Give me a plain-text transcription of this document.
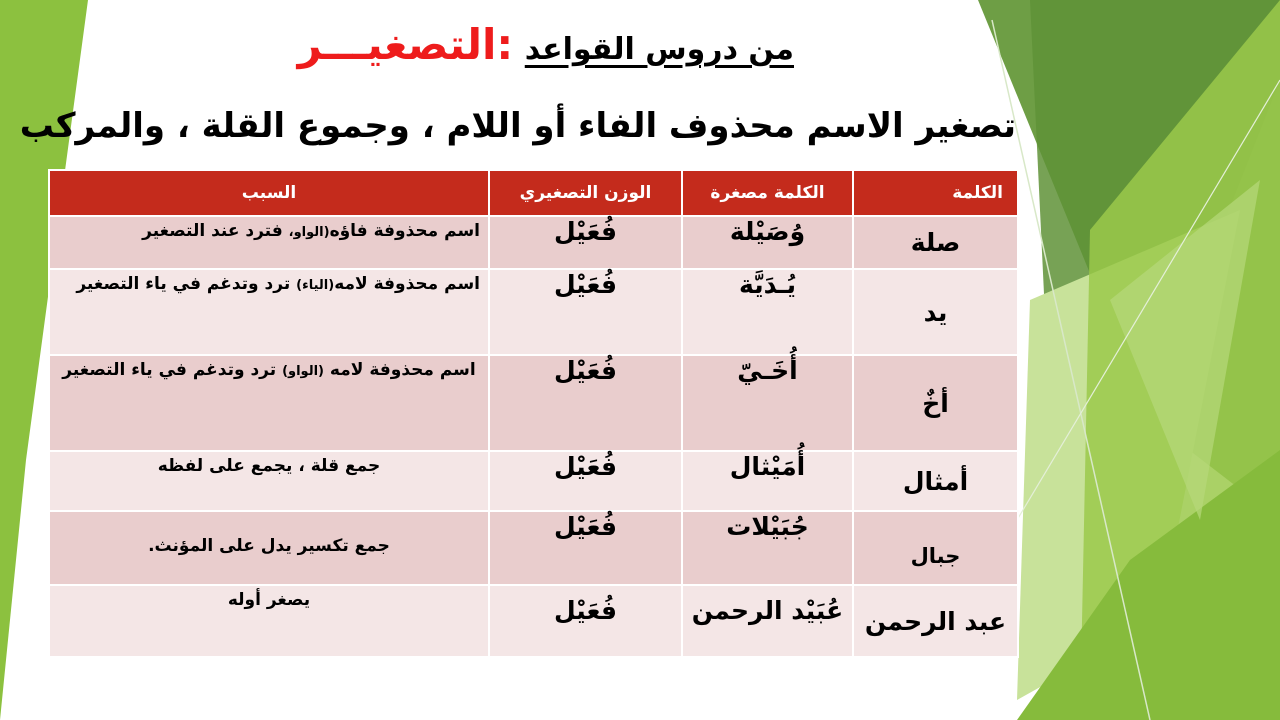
من دروس القواعد :التصغيـــر
تصغير الاسم محذوف الفاء أو اللام ، وجموع القلة ، والمركب
الكلمة	الكلمة مصغرة	الوزن التصغيري	السبب
صلة	وُصَيْلة	فُعَيْل	اسم محذوفة فاؤه(الواو، فترد عند التصغير
يد	يُـدَيَّة	فُعَيْل	اسم محذوفة لامه(الياء) ترد وتدغم في ياء التصغير
أخٌ	أُخَـيّ	فُعَيْل	اسم محذوفة لامه (الواو) ترد وتدغم في ياء التصغير
أمثال	أُمَيْثال	فُعَيْل	جمع قلة ، يجمع على لفظه
جبال	جُبَيْلات	فُعَيْل	جمع تكسير يدل على المؤنث.
عبد الرحمن	عُبَيْد الرحمن	فُعَيْل	يصغر أوله
